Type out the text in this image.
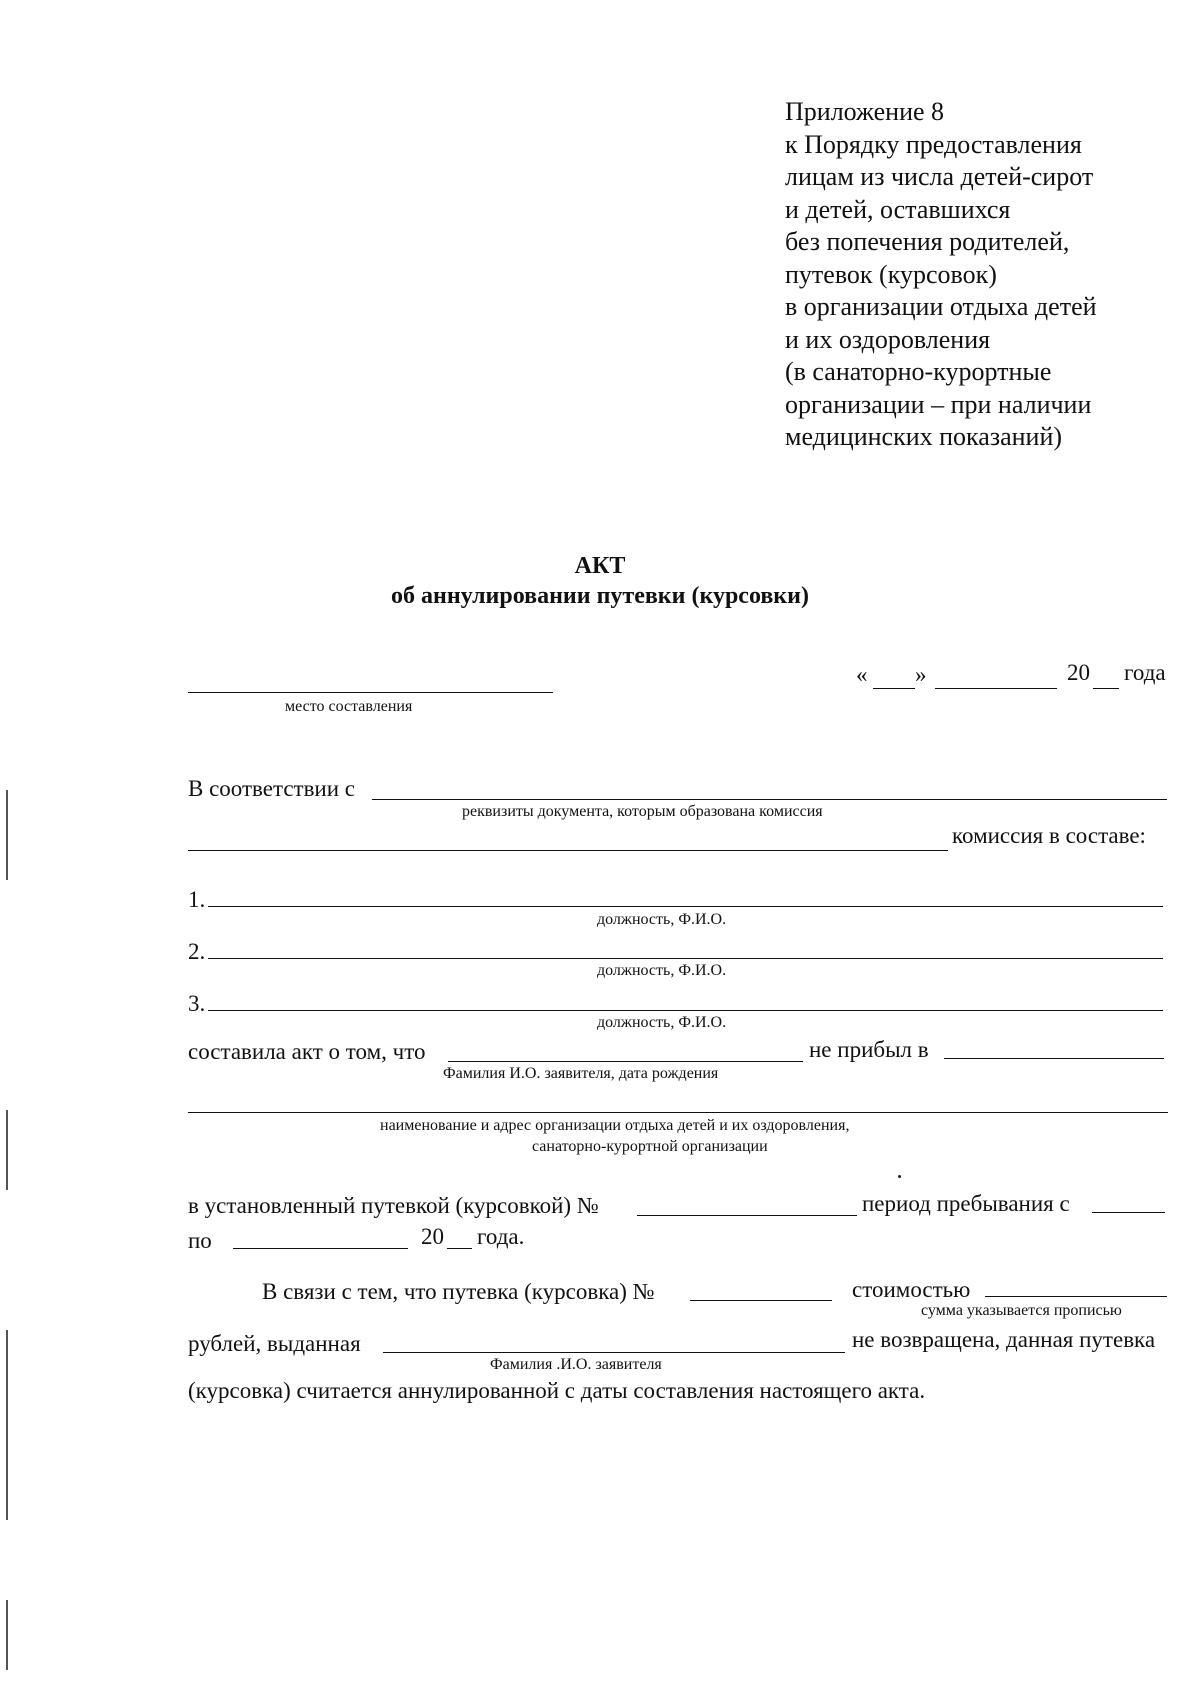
Приложение 8
к Порядку предоставления
лицам из числа детей-сирот
и детей, оставшихся
без попечения родителей,
путевок (курсовок)
в организации отдыха детей
и их оздоровления
(в санаторно-курортные
организации – при наличии
медицинских показаний)
АКТ
об аннулировании путевки (курсовки)
место составления
« »	20 года
В соответствии с
реквизиты документа, которым образована комиссия
комиссия в составе:
1.
должность, Ф.И.О.
2.
должность, Ф.И.О.
3.
должность, Ф.И.О.
составила акт о том, что
Фамилия И.О. заявителя, дата рождения
не прибыл в
наименование и адрес организации отдыха детей и их оздоровления,
санаторно-курортной организации
в установленный путевкой (курсовкой) №	период пребывания с
по	20 года.
В связи с тем, что путевка (курсовка) №	стоимостью
сумма указывается прописью
рублей, выданная
Фамилия .И.О. заявителя
не возвращена, данная путевка
(курсовка) считается аннулированной с даты составления настоящего акта.
